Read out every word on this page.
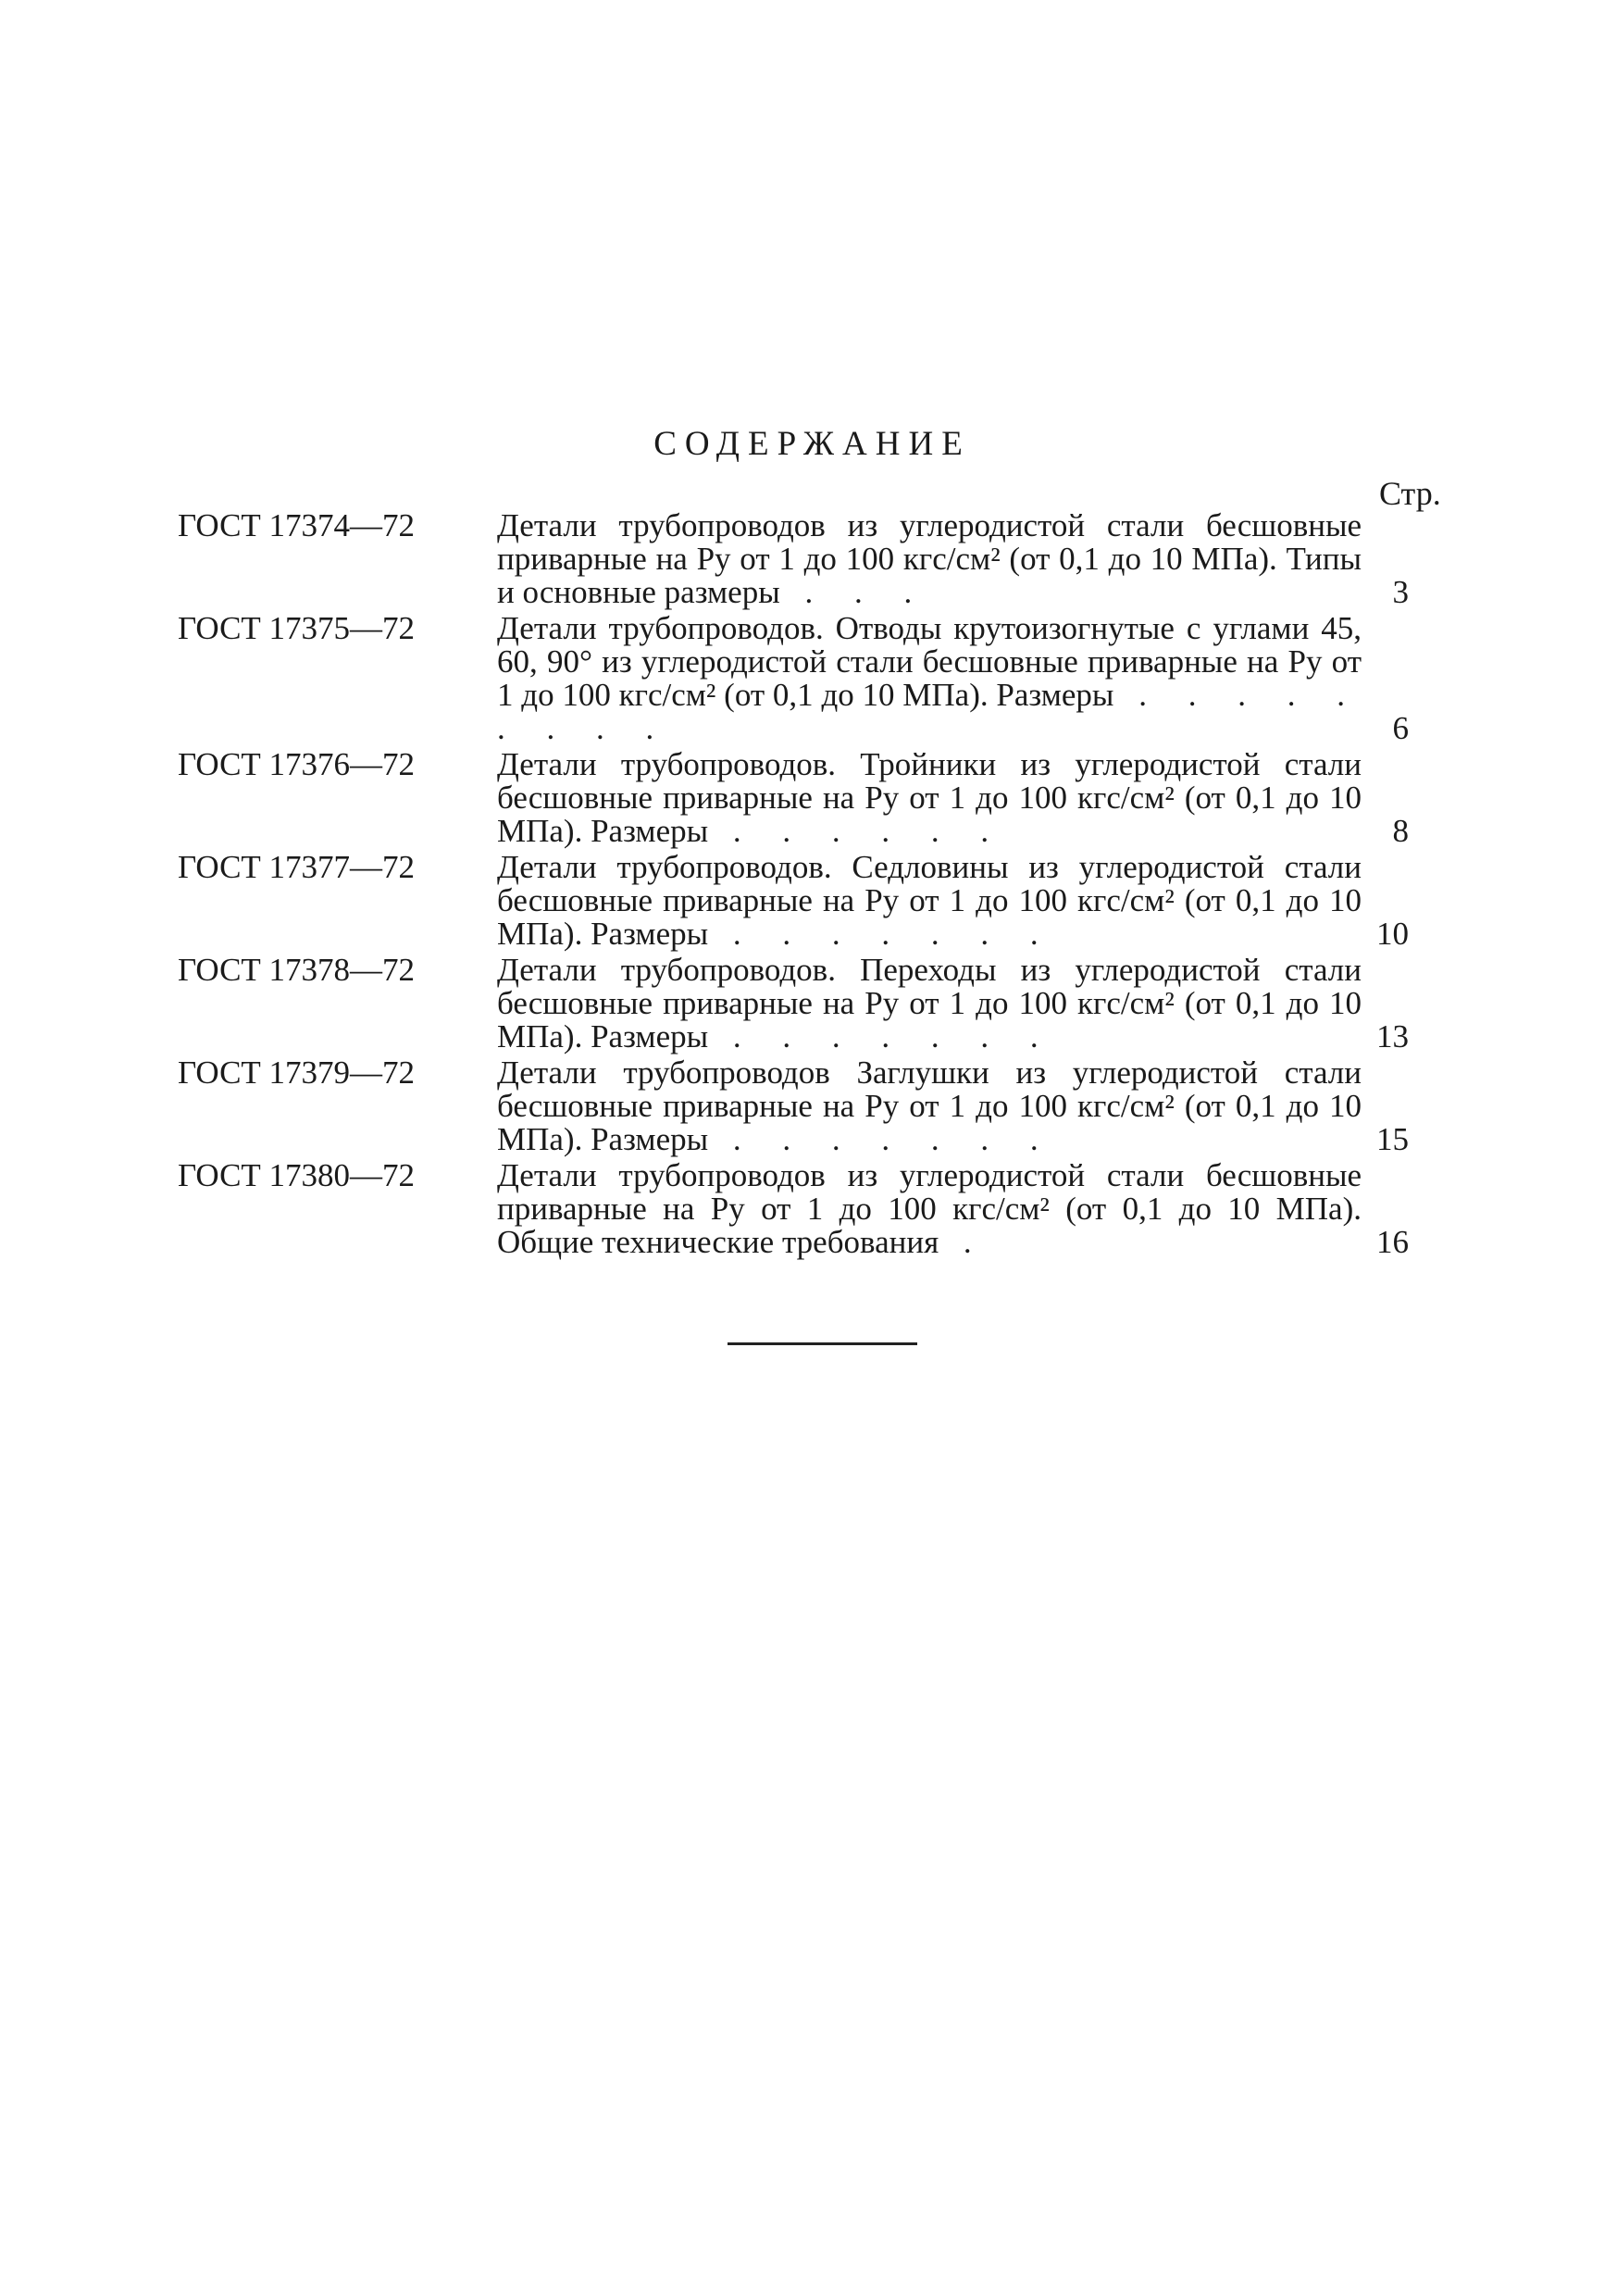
СОДЕРЖАНИЕ
Стр.
ГОСТ 17374—72	Детали трубопроводов из углеродистой стали бесшовные приварные на Pу от 1 до 100 кгс/см² (от 0,1 до 10 МПа). Типы и основные размеры . . .	3
ГОСТ 17375—72	Детали трубопроводов. Отводы крутоизогнутые с углами 45, 60, 90° из углеродистой стали бесшовные приварные на Pу от 1 до 100 кгс/см² (от 0,1 до 10 МПа). Размеры . . . . . . . . .	6
ГОСТ 17376—72	Детали трубопроводов. Тройники из углеродистой стали бесшовные приварные на Pу от 1 до 100 кгс/см² (от 0,1 до 10 МПа). Размеры . . . . . .	8
ГОСТ 17377—72	Детали трубопроводов. Седловины из углеродистой стали бесшовные приварные на Pу от 1 до 100 кгс/см² (от 0,1 до 10 МПа). Размеры . . . . . . .	10
ГОСТ 17378—72	Детали трубопроводов. Переходы из углеродистой стали бесшовные приварные на Pу от 1 до 100 кгс/см² (от 0,1 до 10 МПа). Размеры . . . . . . .	13
ГОСТ 17379—72	Детали трубопроводов Заглушки из углеродистой стали бесшовные приварные на Pу от 1 до 100 кгс/см² (от 0,1 до 10 МПа). Размеры . . . . . . .	15
ГОСТ 17380—72	Детали трубопроводов из углеродистой стали бесшовные приварные на Pу от 1 до 100 кгс/см² (от 0,1 до 10 МПа). Общие технические требования .	16
